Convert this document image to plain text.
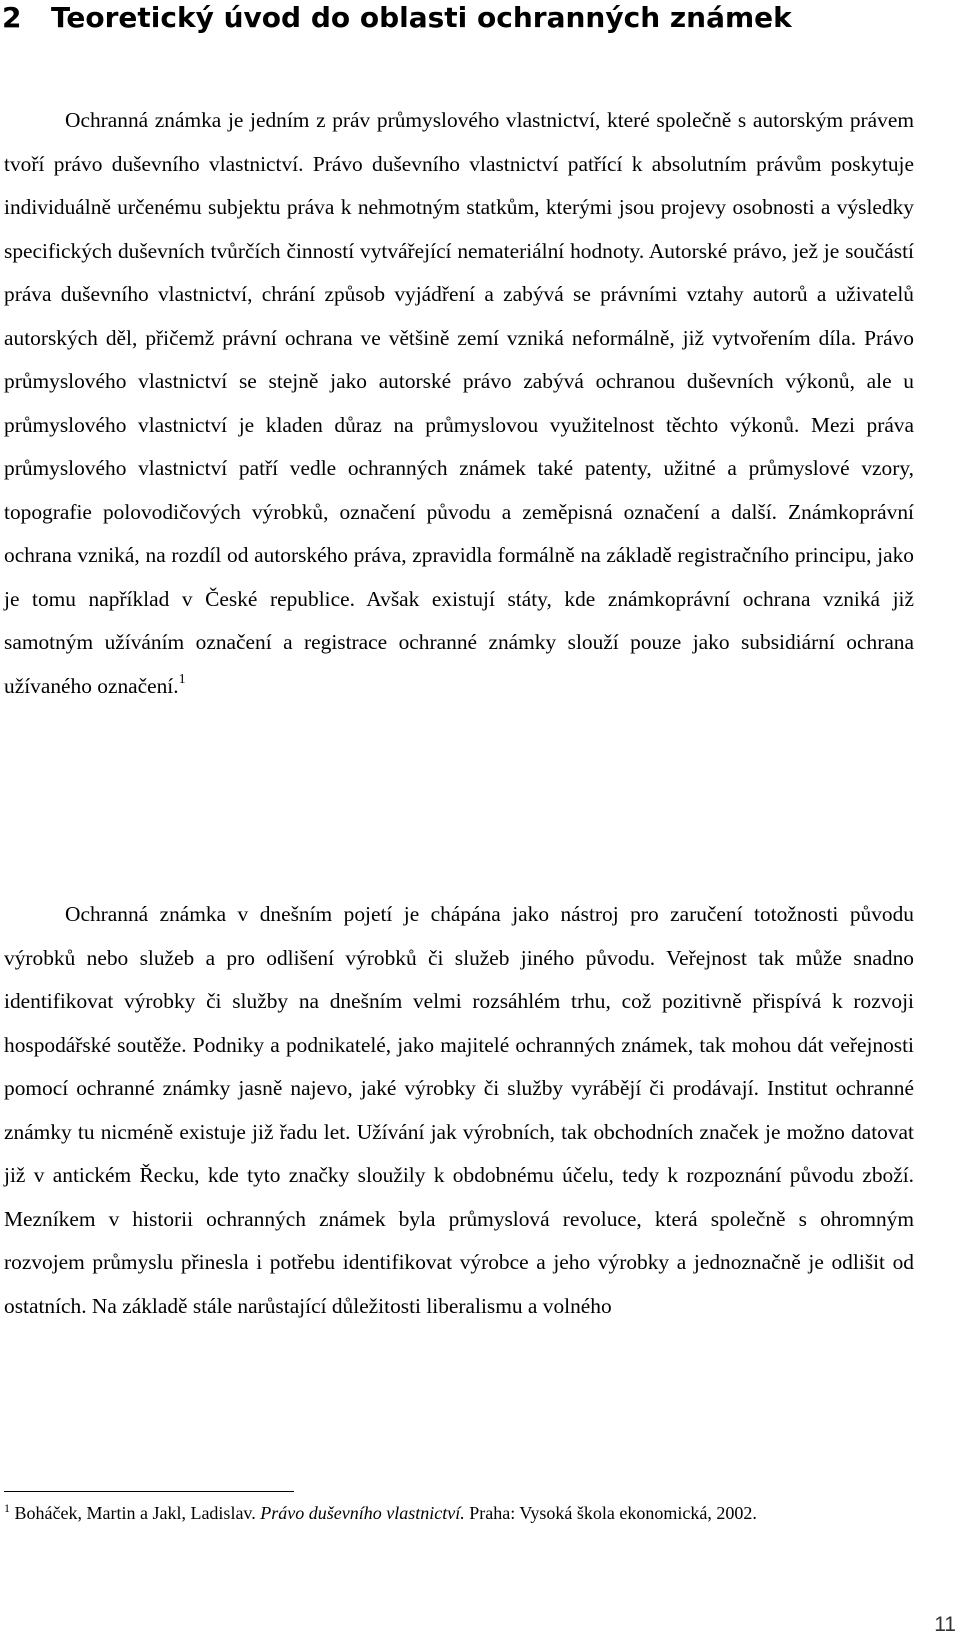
2 Teoretický úvod do oblasti ochranných známek

Ochranná známka je jedním z práv průmyslového vlastnictví, které společně s autorským právem tvoří právo duševního vlastnictví. Právo duševního vlastnictví patřící k absolutním právům poskytuje individuálně určenému subjektu práva k nehmotným statkům, kterými jsou projevy osobnosti a výsledky specifických duševních tvůrčích činností vytvářející nemateriální hodnoty. Autorské právo, jež je součástí práva duševního vlastnictví, chrání způsob vyjádření a zabývá se právními vztahy autorů a uživatelů autorských děl, přičemž právní ochrana ve většině zemí vzniká neformálně, již vytvořením díla. Právo průmyslového vlastnictví se stejně jako autorské právo zabývá ochranou duševních výkonů, ale u průmyslového vlastnictví je kladen důraz na průmyslovou využitelnost těchto výkonů. Mezi práva průmyslového vlastnictví patří vedle ochranných známek také patenty, užitné a průmyslové vzory, topografie polovodičových výrobků, označení původu a zeměpisná označení a další. Známkoprávní ochrana vzniká, na rozdíl od autorského práva, zpravidla formálně na základě registračního principu, jako je tomu například v České republice. Avšak existují státy, kde známkoprávní ochrana vzniká již samotným užíváním označení a registrace ochranné známky slouží pouze jako subsidiární ochrana užívaného označení.$^1$

Ochranná známka v dnešním pojetí je chápána jako nástroj pro zaručení totožnosti původu výrobků nebo služeb a pro odlišení výrobků či služeb jiného původu. Veřejnost tak může snadno identifikovat výrobky či služby na dnešním velmi rozsáhlém trhu, což pozitivně přispívá k rozvoji hospodářské soutěže. Podniky a podnikatelé, jako majitelé ochranných známek, tak mohou dát veřejnosti pomocí ochranné známky jasně najevo, jaké výrobky či služby vyrábějí či prodávají. Institut ochranné známky tu nicméně existuje již řadu let. Užívání jak výrobních, tak obchodních značek je možno datovat již v antickém Řecku, kde tyto značky sloužily k obdobnému účelu, tedy k rozpoznání původu zboží. Mezníkem v historii ochranných známek byla průmyslová revoluce, která společně s ohromným rozvojem průmyslu přinesla i potřebu identifikovat výrobce a jeho výrobky a jednoznačně je odlišit od ostatních. Na základě stále narůstající důležitosti liberalismu a volného

$^1$ Boháček, Martin a Jakl, Ladislav. Právo duševního vlastnictví. Praha: Vysoká škola ekonomická, 2002.

11
